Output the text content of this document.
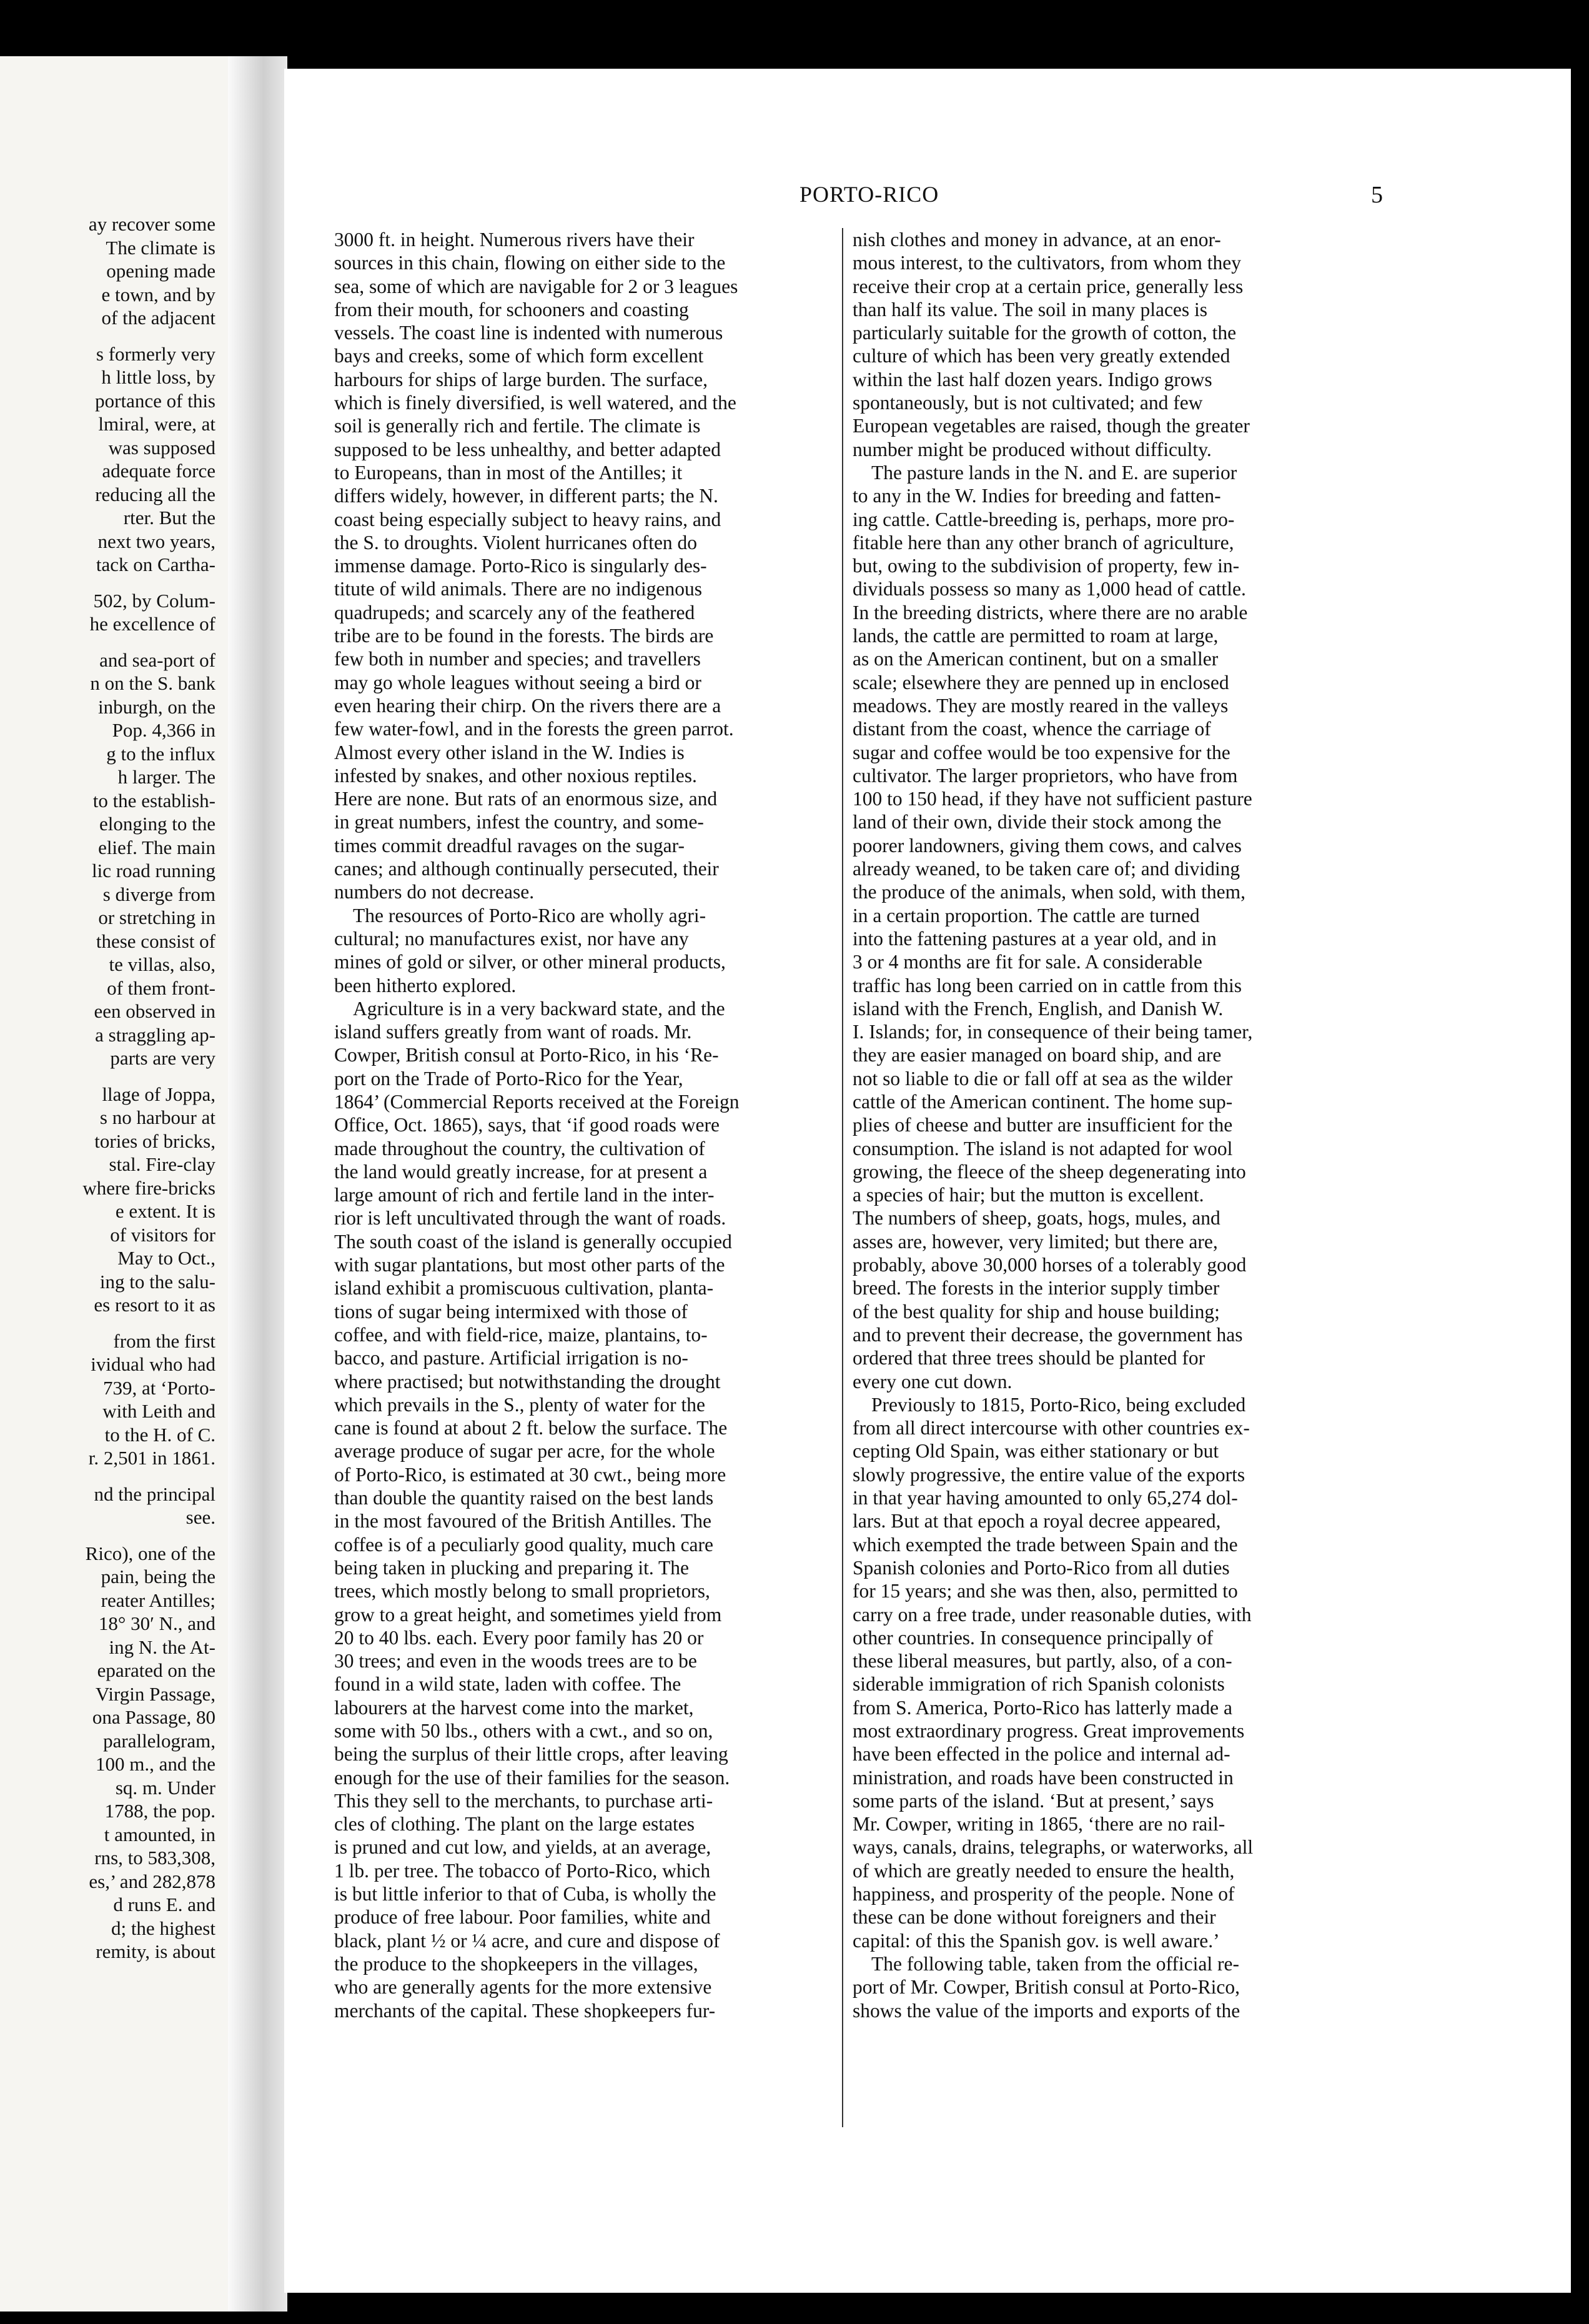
ay recover some

The climate is

opening made

e town, and by

of the adjacent

s formerly very

h little loss, by

portance of this

lmiral, were, at

was supposed

adequate force

reducing all the

rter. But the

next two years,

tack on Cartha-

502, by Colum-

he excellence of

and sea-port of

n on the S. bank

inburgh, on the

Pop. 4,366 in

g to the influx

h larger. The

to the establish-

elonging to the

elief. The main

lic road running

s diverge from

or stretching in

these consist of

te villas, also,

of them front-

een observed in

a straggling ap-

parts are very

llage of Joppa,

s no harbour at

tories of bricks,

stal. Fire-clay

where fire-bricks

e extent. It is

of visitors for

May to Oct.,

ing to the salu-

es resort to it as

from the first

ividual who had

739, at ‘Porto-

with Leith and

to the H. of C.

r. 2,501 in 1861.

nd the principal

see.

Rico), one of the

pain, being the

reater Antilles;

18° 30′ N., and

ing N. the At-

eparated on the

Virgin Passage,

ona Passage, 80

parallelogram,

100 m., and the

sq. m. Under

1788, the pop.

t amounted, in

rns, to 583,308,

es,’ and 282,878

d runs E. and

d; the highest

remity, is about

PORTO-RICO	5

3000 ft. in height. Numerous rivers have their

sources in this chain, flowing on either side to the

sea, some of which are navigable for 2 or 3 leagues

from their mouth, for schooners and coasting

vessels. The coast line is indented with numerous

bays and creeks, some of which form excellent

harbours for ships of large burden. The surface,

which is finely diversified, is well watered, and the

soil is generally rich and fertile. The climate is

supposed to be less unhealthy, and better adapted

to Europeans, than in most of the Antilles; it

differs widely, however, in different parts; the N.

coast being especially subject to heavy rains, and

the S. to droughts. Violent hurricanes often do

immense damage. Porto-Rico is singularly des-

titute of wild animals. There are no indigenous

quadrupeds; and scarcely any of the feathered

tribe are to be found in the forests. The birds are

few both in number and species; and travellers

may go whole leagues without seeing a bird or

even hearing their chirp. On the rivers there are a

few water-fowl, and in the forests the green parrot.

Almost every other island in the W. Indies is

infested by snakes, and other noxious reptiles.

Here are none. But rats of an enormous size, and

in great numbers, infest the country, and some-

times commit dreadful ravages on the sugar-

canes; and although continually persecuted, their

numbers do not decrease.

The resources of Porto-Rico are wholly agri-

cultural; no manufactures exist, nor have any

mines of gold or silver, or other mineral products,

been hitherto explored.

Agriculture is in a very backward state, and the

island suffers greatly from want of roads. Mr.

Cowper, British consul at Porto-Rico, in his ‘Re-

port on the Trade of Porto-Rico for the Year,

1864’ (Commercial Reports received at the Foreign

Office, Oct. 1865), says, that ‘if good roads were

made throughout the country, the cultivation of

the land would greatly increase, for at present a

large amount of rich and fertile land in the inter-

rior is left uncultivated through the want of roads.

The south coast of the island is generally occupied

with sugar plantations, but most other parts of the

island exhibit a promiscuous cultivation, planta-

tions of sugar being intermixed with those of

coffee, and with field-rice, maize, plantains, to-

bacco, and pasture. Artificial irrigation is no-

where practised; but notwithstanding the drought

which prevails in the S., plenty of water for the

cane is found at about 2 ft. below the surface. The

average produce of sugar per acre, for the whole

of Porto-Rico, is estimated at 30 cwt., being more

than double the quantity raised on the best lands

in the most favoured of the British Antilles. The

coffee is of a peculiarly good quality, much care

being taken in plucking and preparing it. The

trees, which mostly belong to small proprietors,

grow to a great height, and sometimes yield from

20 to 40 lbs. each. Every poor family has 20 or

30 trees; and even in the woods trees are to be

found in a wild state, laden with coffee. The

labourers at the harvest come into the market,

some with 50 lbs., others with a cwt., and so on,

being the surplus of their little crops, after leaving

enough for the use of their families for the season.

This they sell to the merchants, to purchase arti-

cles of clothing. The plant on the large estates

is pruned and cut low, and yields, at an average,

1 lb. per tree. The tobacco of Porto-Rico, which

is but little inferior to that of Cuba, is wholly the

produce of free labour. Poor families, white and

black, plant ½ or ¼ acre, and cure and dispose of

the produce to the shopkeepers in the villages,

who are generally agents for the more extensive

merchants of the capital. These shopkeepers fur-

nish clothes and money in advance, at an enor-

mous interest, to the cultivators, from whom they

receive their crop at a certain price, generally less

than half its value. The soil in many places is

particularly suitable for the growth of cotton, the

culture of which has been very greatly extended

within the last half dozen years. Indigo grows

spontaneously, but is not cultivated; and few

European vegetables are raised, though the greater

number might be produced without difficulty.

The pasture lands in the N. and E. are superior

to any in the W. Indies for breeding and fatten-

ing cattle. Cattle-breeding is, perhaps, more pro-

fitable here than any other branch of agriculture,

but, owing to the subdivision of property, few in-

dividuals possess so many as 1,000 head of cattle.

In the breeding districts, where there are no arable

lands, the cattle are permitted to roam at large,

as on the American continent, but on a smaller

scale; elsewhere they are penned up in enclosed

meadows. They are mostly reared in the valleys

distant from the coast, whence the carriage of

sugar and coffee would be too expensive for the

cultivator. The larger proprietors, who have from

100 to 150 head, if they have not sufficient pasture

land of their own, divide their stock among the

poorer landowners, giving them cows, and calves

already weaned, to be taken care of; and dividing

the produce of the animals, when sold, with them,

in a certain proportion. The cattle are turned

into the fattening pastures at a year old, and in

3 or 4 months are fit for sale. A considerable

traffic has long been carried on in cattle from this

island with the French, English, and Danish W.

I. Islands; for, in consequence of their being tamer,

they are easier managed on board ship, and are

not so liable to die or fall off at sea as the wilder

cattle of the American continent. The home sup-

plies of cheese and butter are insufficient for the

consumption. The island is not adapted for wool

growing, the fleece of the sheep degenerating into

a species of hair; but the mutton is excellent.

The numbers of sheep, goats, hogs, mules, and

asses are, however, very limited; but there are,

probably, above 30,000 horses of a tolerably good

breed. The forests in the interior supply timber

of the best quality for ship and house building;

and to prevent their decrease, the government has

ordered that three trees should be planted for

every one cut down.

Previously to 1815, Porto-Rico, being excluded

from all direct intercourse with other countries ex-

cepting Old Spain, was either stationary or but

slowly progressive, the entire value of the exports

in that year having amounted to only 65,274 dol-

lars. But at that epoch a royal decree appeared,

which exempted the trade between Spain and the

Spanish colonies and Porto-Rico from all duties

for 15 years; and she was then, also, permitted to

carry on a free trade, under reasonable duties, with

other countries. In consequence principally of

these liberal measures, but partly, also, of a con-

siderable immigration of rich Spanish colonists

from S. America, Porto-Rico has latterly made a

most extraordinary progress. Great improvements

have been effected in the police and internal ad-

ministration, and roads have been constructed in

some parts of the island. ‘But at present,’ says

Mr. Cowper, writing in 1865, ‘there are no rail-

ways, canals, drains, telegraphs, or waterworks, all

of which are greatly needed to ensure the health,

happiness, and prosperity of the people. None of

these can be done without foreigners and their

capital: of this the Spanish gov. is well aware.’

The following table, taken from the official re-

port of Mr. Cowper, British consul at Porto-Rico,

shows the value of the imports and exports of the
